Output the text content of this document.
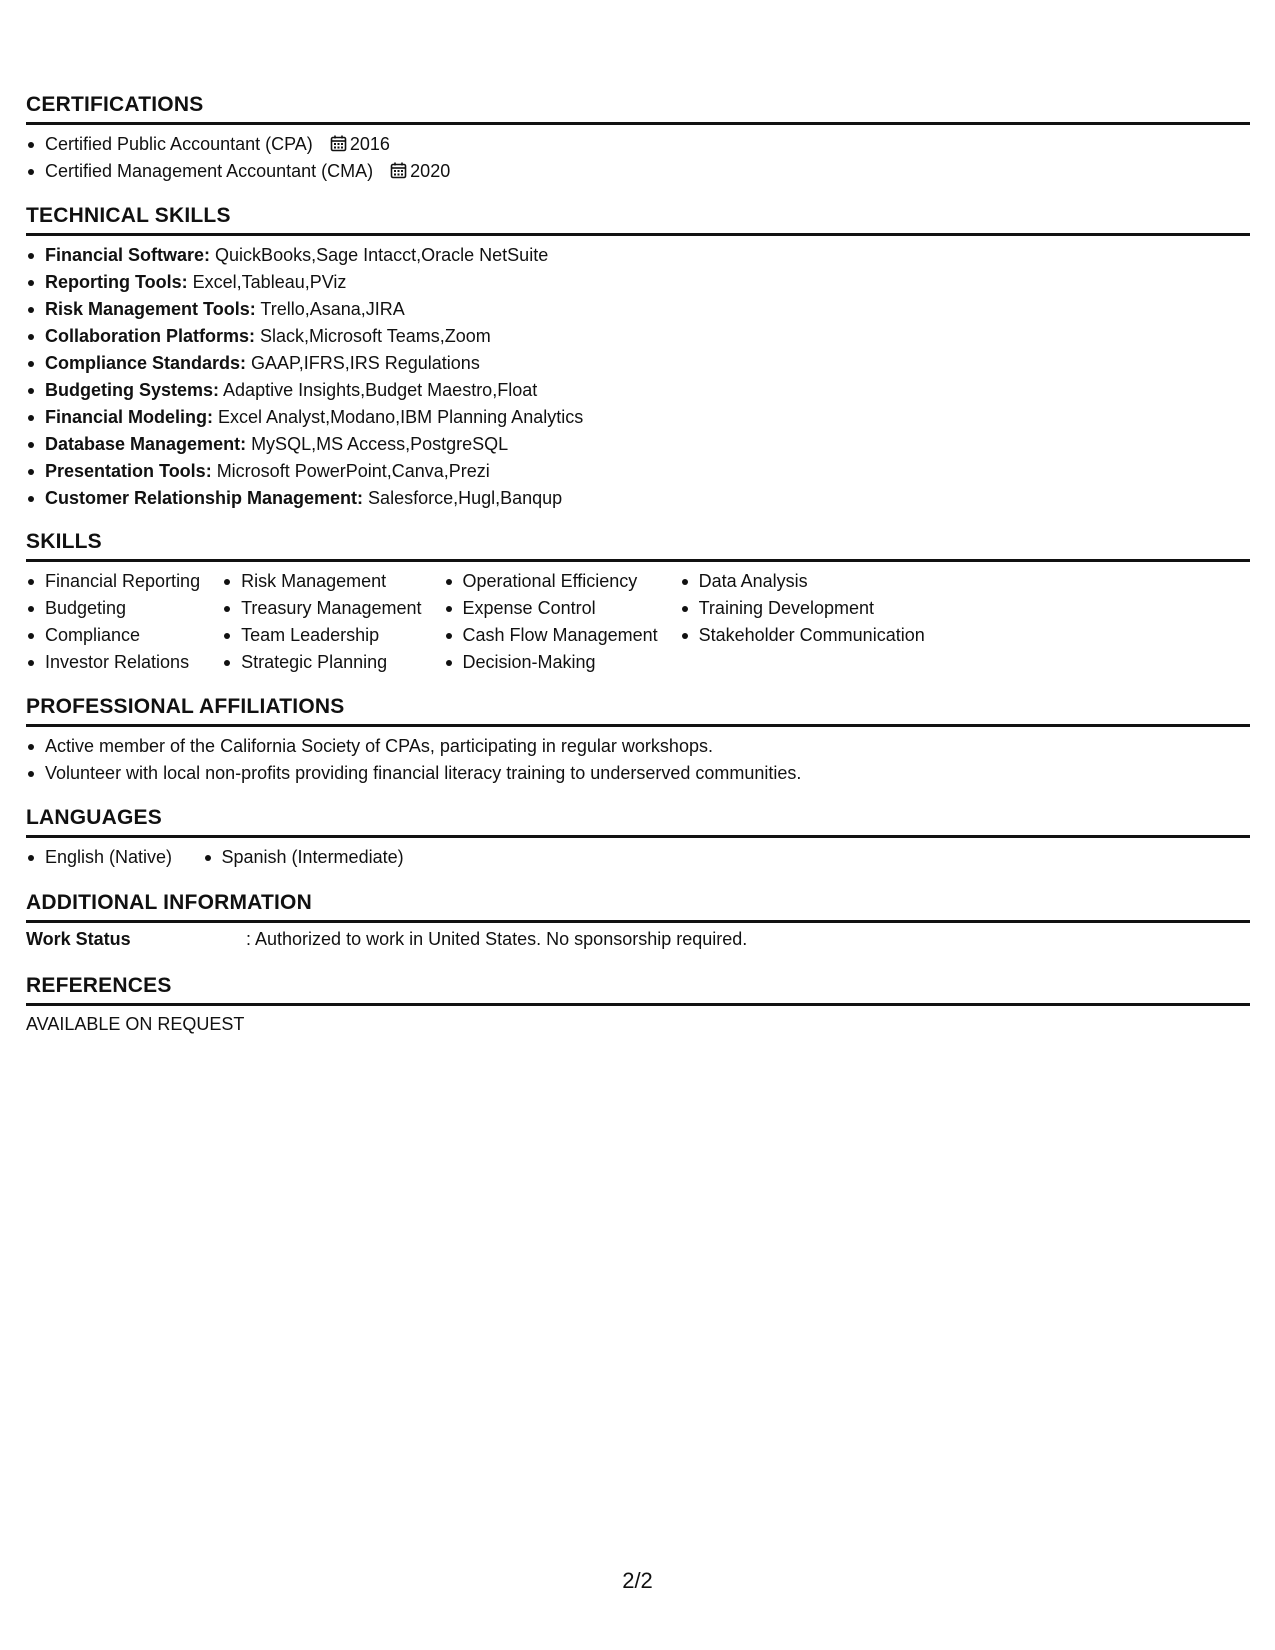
CERTIFICATIONS
Certified Public Accountant (CPA) 2016
Certified Management Accountant (CMA) 2020
TECHNICAL SKILLS
Financial Software: QuickBooks,Sage Intacct,Oracle NetSuite
Reporting Tools: Excel,Tableau,PViz
Risk Management Tools: Trello,Asana,JIRA
Collaboration Platforms: Slack,Microsoft Teams,Zoom
Compliance Standards: GAAP,IFRS,IRS Regulations
Budgeting Systems: Adaptive Insights,Budget Maestro,Float
Financial Modeling: Excel Analyst,Modano,IBM Planning Analytics
Database Management: MySQL,MS Access,PostgreSQL
Presentation Tools: Microsoft PowerPoint,Canva,Prezi
Customer Relationship Management: Salesforce,Hugl,Banqup
SKILLS
Financial Reporting
Budgeting
Compliance
Investor Relations
Risk Management
Treasury Management
Team Leadership
Strategic Planning
Operational Efficiency
Expense Control
Cash Flow Management
Decision-Making
Data Analysis
Training Development
Stakeholder Communication
PROFESSIONAL AFFILIATIONS
Active member of the California Society of CPAs, participating in regular workshops.
Volunteer with local non-profits providing financial literacy training to underserved communities.
LANGUAGES
English (Native)	Spanish (Intermediate)
ADDITIONAL INFORMATION
Work Status	: Authorized to work in United States. No sponsorship required.
REFERENCES
AVAILABLE ON REQUEST
2/2
